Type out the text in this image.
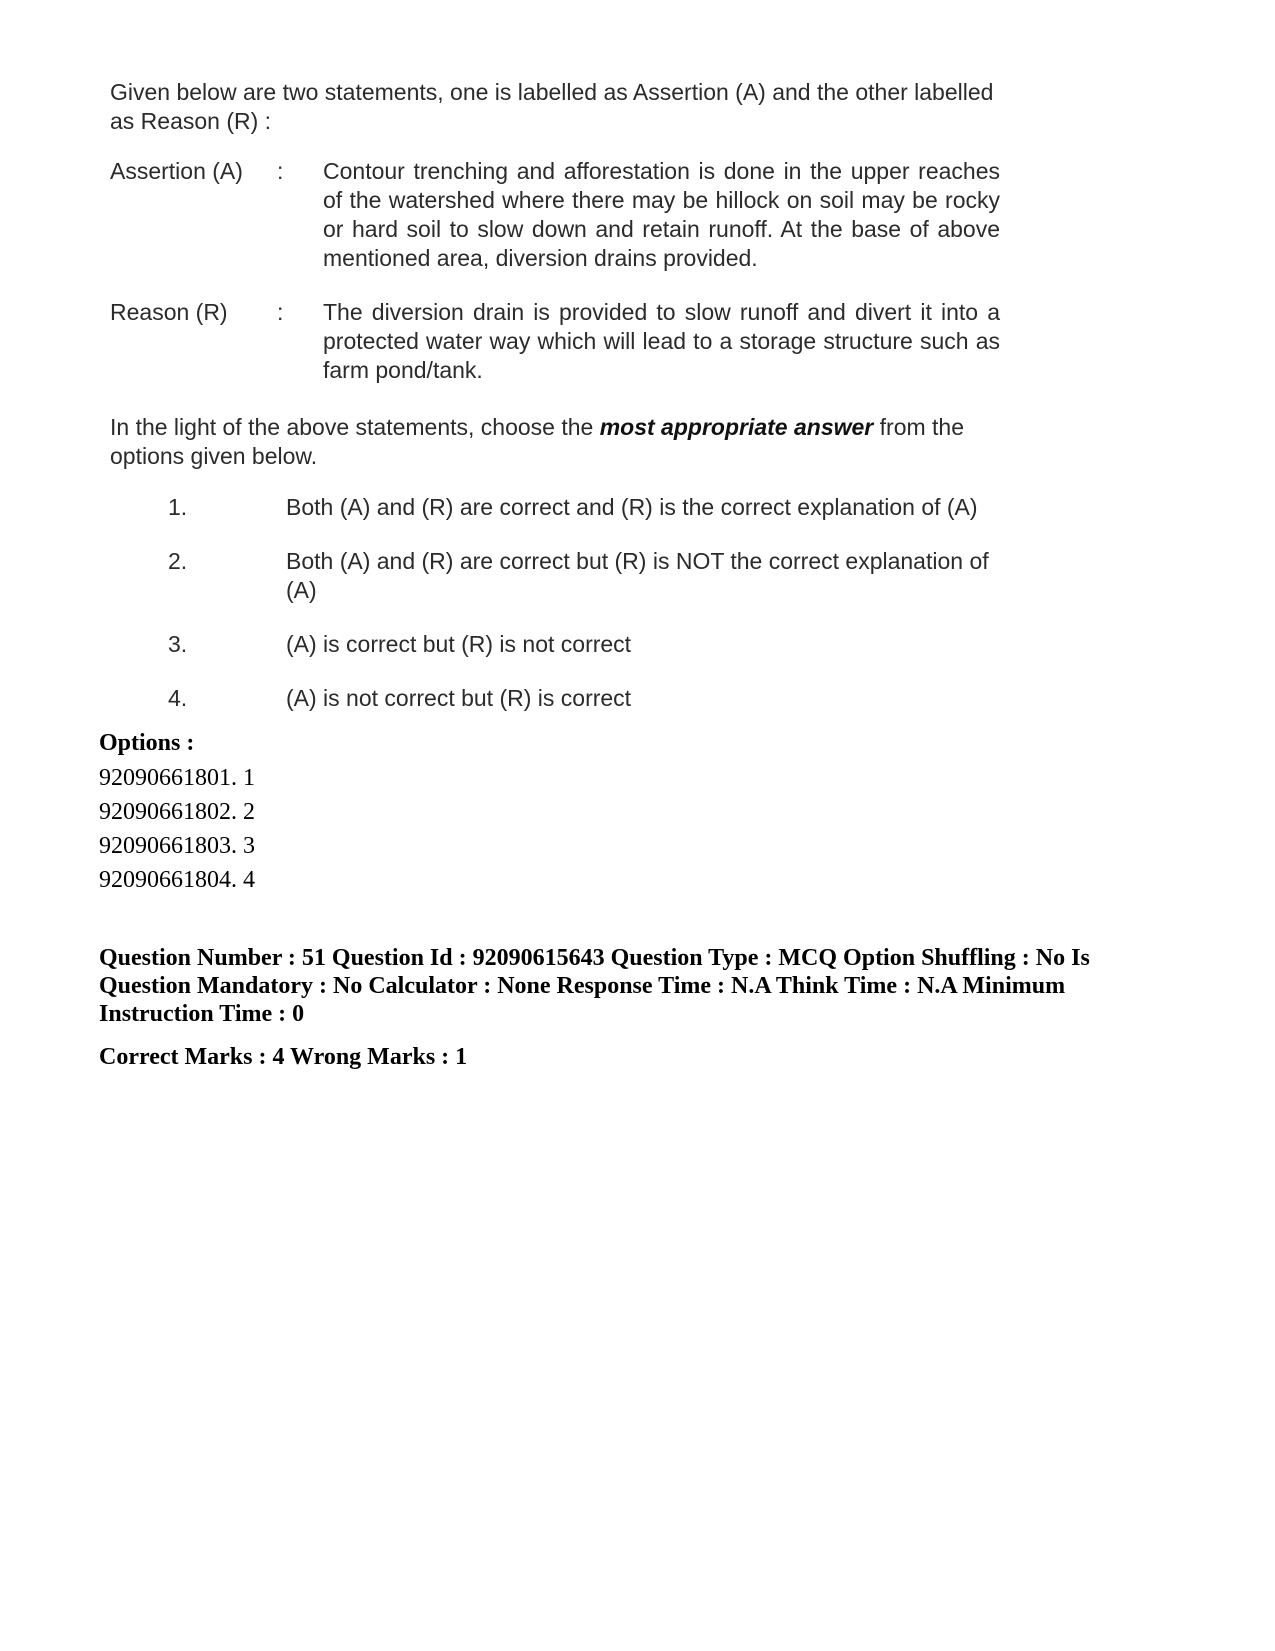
Given below are two statements, one is labelled as Assertion (A) and the other labelled as Reason (R) :
Assertion (A)	: Contour trenching and afforestation is done in the upper reaches of the watershed where there may be hillock on soil may be rocky or hard soil to slow down and retain runoff. At the base of above mentioned area, diversion drains provided.
Reason (R)	: The diversion drain is provided to slow runoff and divert it into a protected water way which will lead to a storage structure such as farm pond/tank.
In the light of the above statements, choose the most appropriate answer from the options given below.
1.	Both (A) and (R) are correct and (R) is the correct explanation of (A)
2.	Both (A) and (R) are correct but (R) is NOT the correct explanation of (A)
3.	(A) is correct but (R) is not correct
4.	(A) is not correct but (R) is correct
Options :
92090661801. 1
92090661802. 2
92090661803. 3
92090661804. 4
Question Number : 51 Question Id : 92090615643 Question Type : MCQ Option Shuffling : No Is Question Mandatory : No Calculator : None Response Time : N.A Think Time : N.A Minimum Instruction Time : 0
Correct Marks : 4 Wrong Marks : 1
